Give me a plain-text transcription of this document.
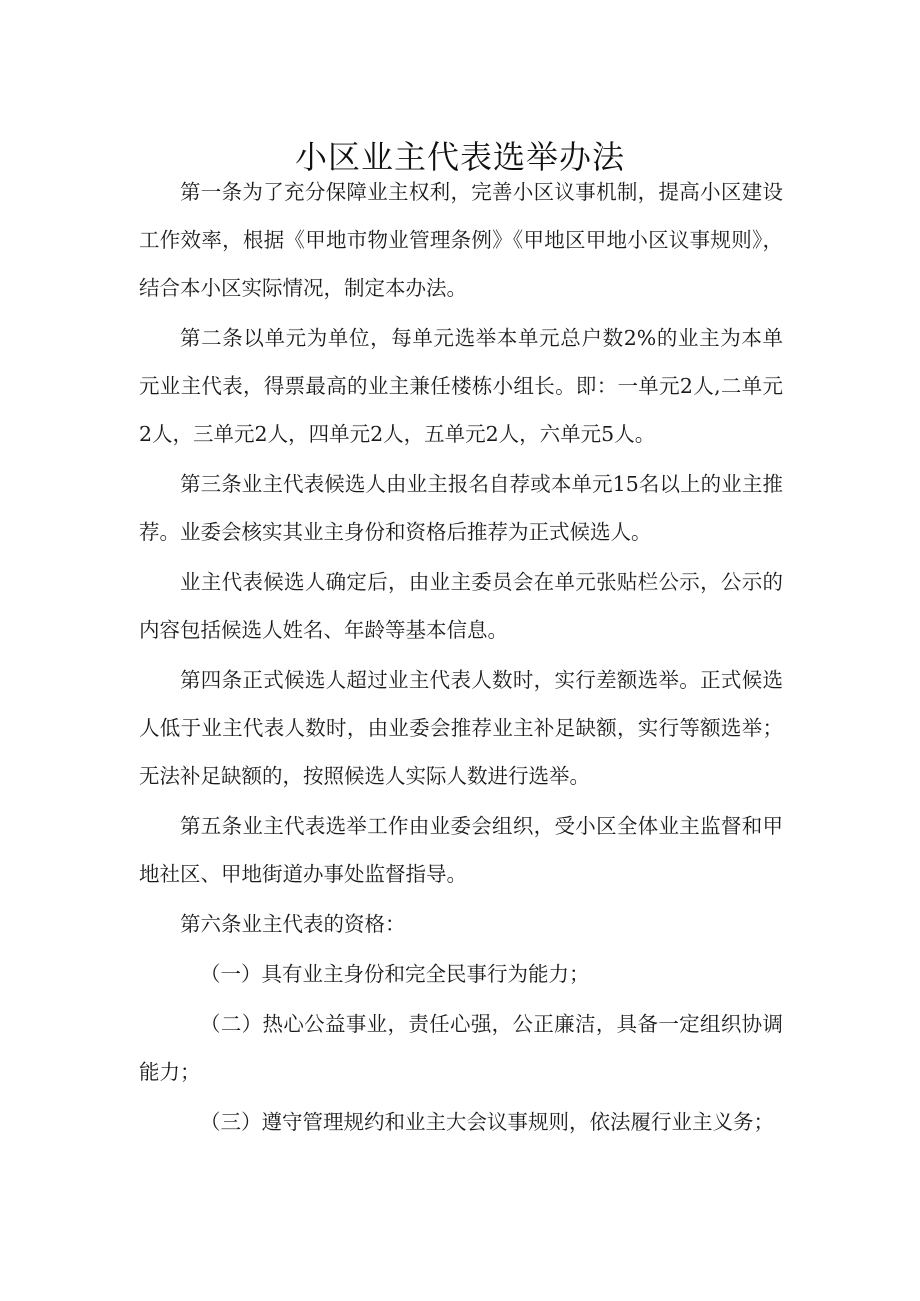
小区业主代表选举办法

第一条为了充分保障业主权利，完善小区议事机制，提高小区建设工作效率，根据《甲地市物业管理条例》《甲地区甲地小区议事规则》，结合本小区实际情况，制定本办法。

第二条以单元为单位，每单元选举本单元总户数2%的业主为本单元业主代表，得票最高的业主兼任楼栋小组长。即：一单元2人,二单元2人，三单元2人，四单元2人，五单元2人，六单元5人。

第三条业主代表候选人由业主报名自荐或本单元15名以上的业主推荐。业委会核实其业主身份和资格后推荐为正式候选人。

业主代表候选人确定后，由业主委员会在单元张贴栏公示，公示的内容包括候选人姓名、年龄等基本信息。

第四条正式候选人超过业主代表人数时，实行差额选举。正式候选人低于业主代表人数时，由业委会推荐业主补足缺额，实行等额选举；无法补足缺额的，按照候选人实际人数进行选举。

第五条业主代表选举工作由业委会组织，受小区全体业主监督和甲地社区、甲地街道办事处监督指导。

第六条业主代表的资格：

（一）具有业主身份和完全民事行为能力；

（二）热心公益事业，责任心强，公正廉洁，具备一定组织协调能力；

（三）遵守管理规约和业主大会议事规则，依法履行业主义务；
